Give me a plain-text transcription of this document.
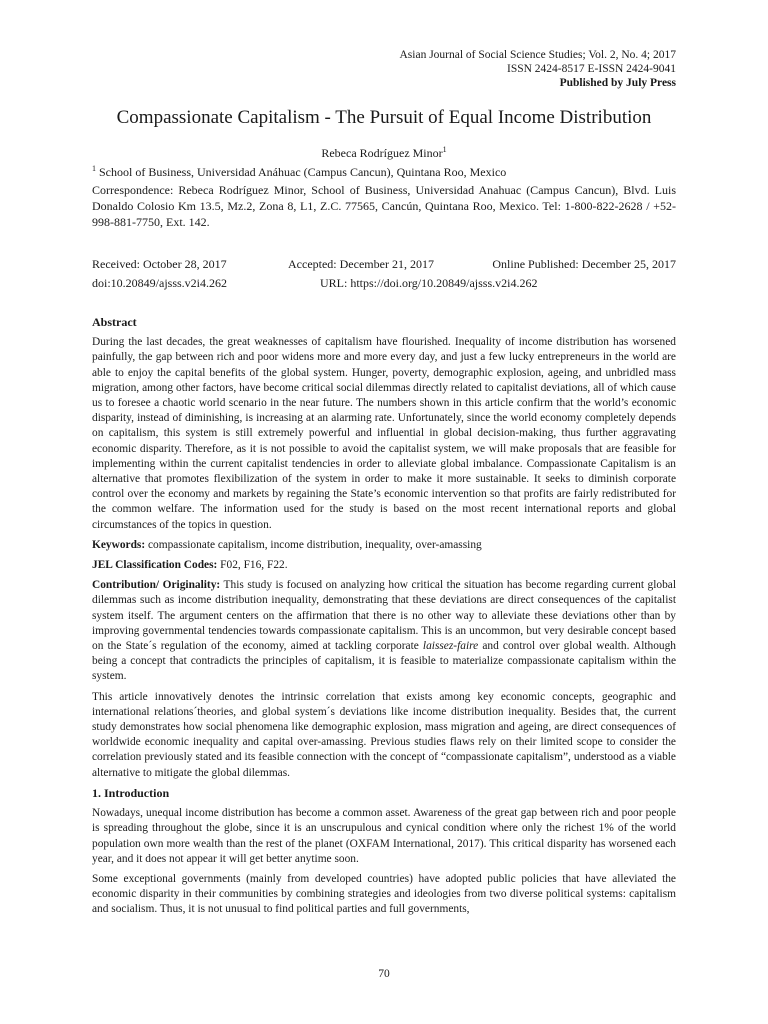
Asian Journal of Social Science Studies; Vol. 2, No. 4; 2017
ISSN 2424-8517 E-ISSN 2424-9041
Published by July Press
Compassionate Capitalism - The Pursuit of Equal Income Distribution
Rebeca Rodríguez Minor$^1$
$^1$ School of Business, Universidad Anáhuac (Campus Cancun), Quintana Roo, Mexico
Correspondence: Rebeca Rodríguez Minor, School of Business, Universidad Anahuac (Campus Cancun), Blvd. Luis Donaldo Colosio Km 13.5, Mz.2, Zona 8, L1, Z.C. 77565, Cancún, Quintana Roo, Mexico. Tel: 1-800-822-2628 / +52-998-881-7750, Ext. 142.
Received: October 28, 2017	Accepted: December 21, 2017	Online Published: December 25, 2017
doi:10.20849/ajsss.v2i4.262	URL: https://doi.org/10.20849/ajsss.v2i4.262
Abstract

During the last decades, the great weaknesses of capitalism have flourished. Inequality of income distribution has worsened painfully, the gap between rich and poor widens more and more every day, and just a few lucky entrepreneurs in the world are able to enjoy the capital benefits of the global system. Hunger, poverty, demographic explosion, ageing, and unbridled mass migration, among other factors, have become critical social dilemmas directly related to capitalist deviations, all of which cause us to foresee a chaotic world scenario in the near future. The numbers shown in this article confirm that the world’s economic disparity, instead of diminishing, is increasing at an alarming rate. Unfortunately, since the world economy completely depends on capitalism, this system is still extremely powerful and influential in global decision-making, thus further aggravating economic disparity. Therefore, as it is not possible to avoid the capitalist system, we will make proposals that are feasible for implementing within the current capitalist tendencies in order to alleviate global imbalance. Compassionate Capitalism is an alternative that promotes flexibilization of the system in order to make it more sustainable. It seeks to diminish corporate control over the economy and markets by regaining the State’s economic intervention so that profits are fairly redistributed for the common welfare. The information used for the study is based on the most recent international reports and global circumstances of the topics in question.

Keywords: compassionate capitalism, income distribution, inequality, over-amassing

JEL Classification Codes: F02, F16, F22.

Contribution/ Originality: This study is focused on analyzing how critical the situation has become regarding current global dilemmas such as income distribution inequality, demonstrating that these deviations are direct consequences of the capitalist system itself. The argument centers on the affirmation that there is no other way to alleviate these deviations other than by improving governmental tendencies towards compassionate capitalism. This is an uncommon, but very desirable concept based on the State´s regulation of the economy, aimed at tackling corporate laissez-faire and control over global wealth. Although being a concept that contradicts the principles of capitalism, it is feasible to materialize compassionate capitalism within the system.

This article innovatively denotes the intrinsic correlation that exists among key economic concepts, geographic and international relations´theories, and global system´s deviations like income distribution inequality. Besides that, the current study demonstrates how social phenomena like demographic explosion, mass migration and ageing, are direct consequences of worldwide economic inequality and capital over-amassing. Previous studies flaws rely on their limited scope to consider the correlation previously stated and its feasible connection with the concept of “compassionate capitalism”, understood as a viable alternative to mitigate the global dilemmas.

1. Introduction

Nowadays, unequal income distribution has become a common asset. Awareness of the great gap between rich and poor people is spreading throughout the globe, since it is an unscrupulous and cynical condition where only the richest 1% of the world population own more wealth than the rest of the planet (OXFAM International, 2017). This critical disparity has worsened each year, and it does not appear it will get better anytime soon.

Some exceptional governments (mainly from developed countries) have adopted public policies that have alleviated the economic disparity in their communities by combining strategies and ideologies from two diverse political systems: capitalism and socialism. Thus, it is not unusual to find political parties and full governments,

70
